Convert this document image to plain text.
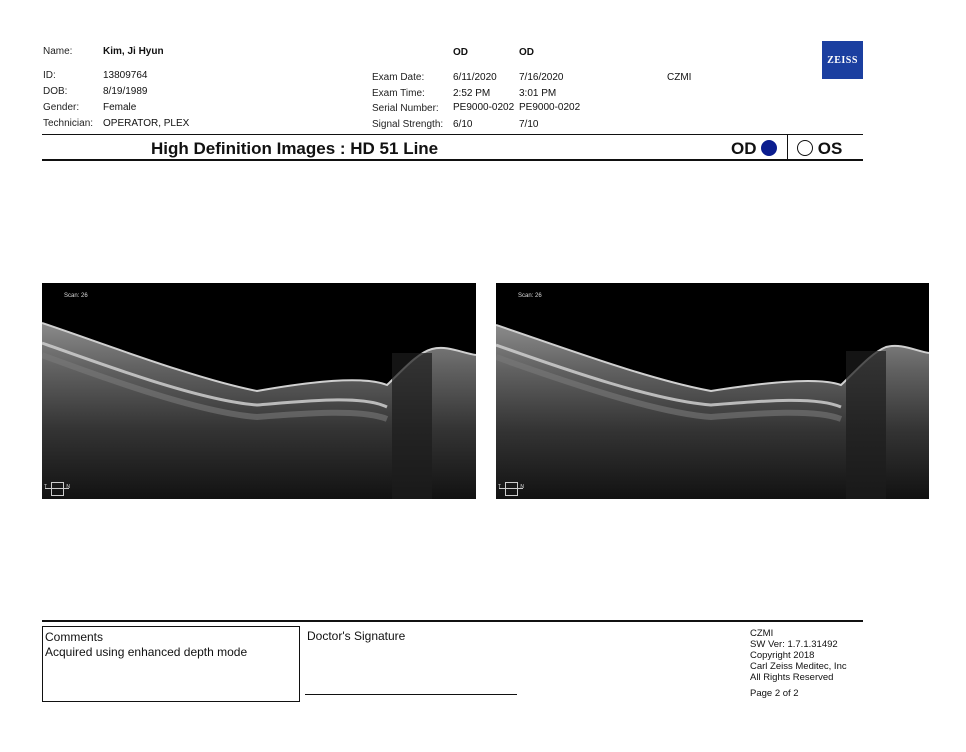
Name:	Kim, Ji Hyun
ID:	13809764
DOB:	8/19/1989
Gender: Female
Technician: OPERATOR, PLEX
OD	OD
Exam Date:	6/11/2020 7/16/2020	CZMI
Exam Time:	2:52 PM	3:01 PM
Serial Number: PE9000-0202 PE9000-0202
Signal Strength: 6/10	7/10
ZEISS
High Definition Images : HD 51 Line	OD	OS
Scan: 26
T	N
Scan: 26
T	N
Comments
Acquired using enhanced depth mode
Doctor's Signature	CZMI
SW Ver: 1.7.1.31492
Copyright 2018
Carl Zeiss Meditec, Inc
All Rights Reserved
Page 2 of 2
